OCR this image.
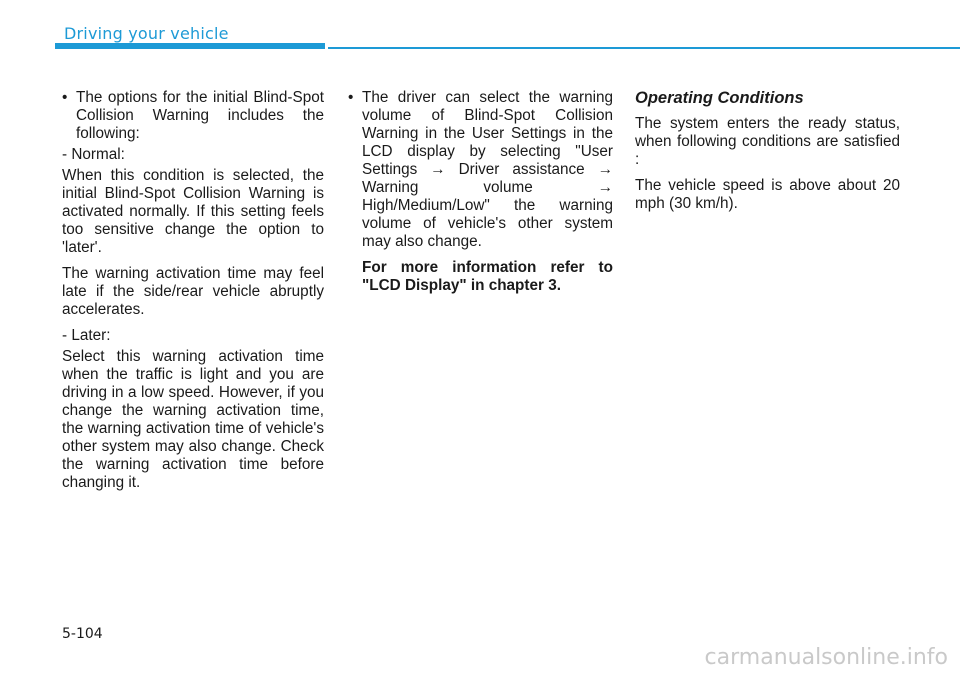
Driving your vehicle
• The options for the initial Blind-Spot Collision Warning includes the following:

- Normal:

When this condition is selected, the initial Blind-Spot Collision Warning is activated normally. If this setting feels too sensitive change the option to 'later'.

The warning activation time may feel late if the side/rear vehicle abruptly accelerates.

- Later:

Select this warning activation time when the traffic is light and you are driving in a low speed. However, if you change the warning activation time, the warning activation time of vehicle's other system may also change. Check the warning activation time before changing it.

• The driver can select the warning volume of Blind-Spot Collision Warning in the User Settings in the LCD display by selecting "User Settings → Driver assistance → Warning volume → High/Medium/Low" the warning volume of vehicle's other system may also change.

For more information refer to "LCD Display" in chapter 3.

Operating Conditions

The system enters the ready status, when following conditions are satisfied :

The vehicle speed is above about 20 mph (30 km/h).

5-104
carmanualsonline.info
